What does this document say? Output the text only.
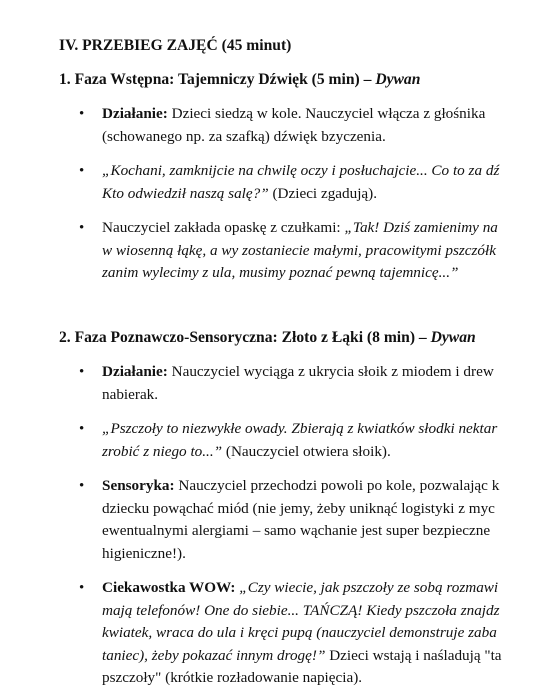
IV. PRZEBIEG ZAJĘĆ (45 minut)
1. Faza Wstępna: Tajemniczy Dźwięk (5 min) – Dywan
• Działanie: Dzieci siedzą w kole. Nauczyciel włącza z głośnika
(schowanego np. za szafką) dźwięk bzyczenia.
• „Kochani, zamknijcie na chwilę oczy i posłuchajcie... Co to za dź
Kto odwiedził naszą salę?” (Dzieci zgadują).
• Nauczyciel zakłada opaskę z czułkami: „Tak! Dziś zamienimy na
w wiosenną łąkę, a wy zostaniecie małymi, pracowitymi pszczółk
zanim wylecimy z ula, musimy poznać pewną tajemnicę...”
2. Faza Poznawczo-Sensoryczna: Złoto z Łąki (8 min) – Dywan
• Działanie: Nauczyciel wyciąga z ukrycia słoik z miodem i drew
nabierak.
• „Pszczoły to niezwykłe owady. Zbierają z kwiatków słodki nektar
zrobić z niego to...” (Nauczyciel otwiera słoik).
• Sensoryka: Nauczyciel przechodzi powoli po kole, pozwalając k
dziecku powąchać miód (nie jemy, żeby uniknąć logistyki z myc
ewentualnymi alergiami – samo wąchanie jest super bezpieczne
higieniczne!).
• Ciekawostka WOW: „Czy wiecie, jak pszczoły ze sobą rozmawi
mają telefonów! One do siebie... TAŃCZĄ! Kiedy pszczoła znajdz
kwiatek, wraca do ula i kręci pupą (nauczyciel demonstruje zaba
taniec), żeby pokazać innym drogę!” Dzieci wstają i naśladują "ta
pszczoły" (krótkie rozładowanie napięcia).
